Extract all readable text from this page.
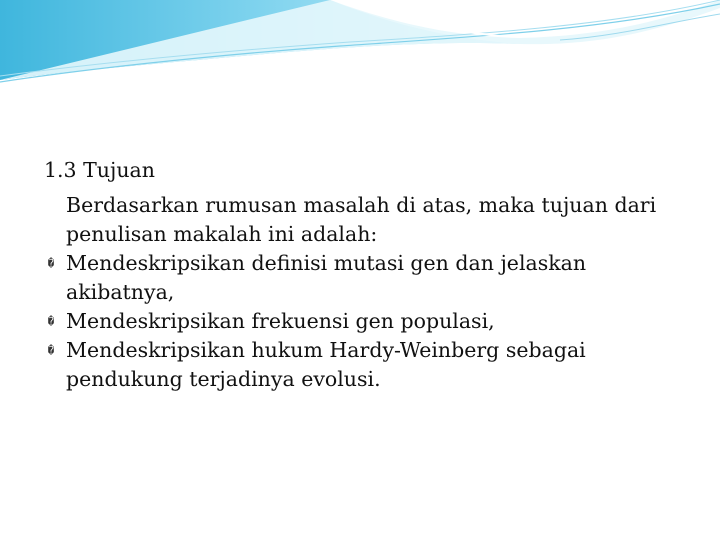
1.3 Tujuan

Berdasarkan rumusan masalah di atas, maka tujuan dari penulisan makalah ini adalah:

� Mendeskripsikan definisi mutasi gen dan jelaskan akibatnya,

� Mendeskripsikan frekuensi gen populasi,

� Mendeskripsikan hukum Hardy-Weinberg sebagai pendukung terjadinya evolusi.
